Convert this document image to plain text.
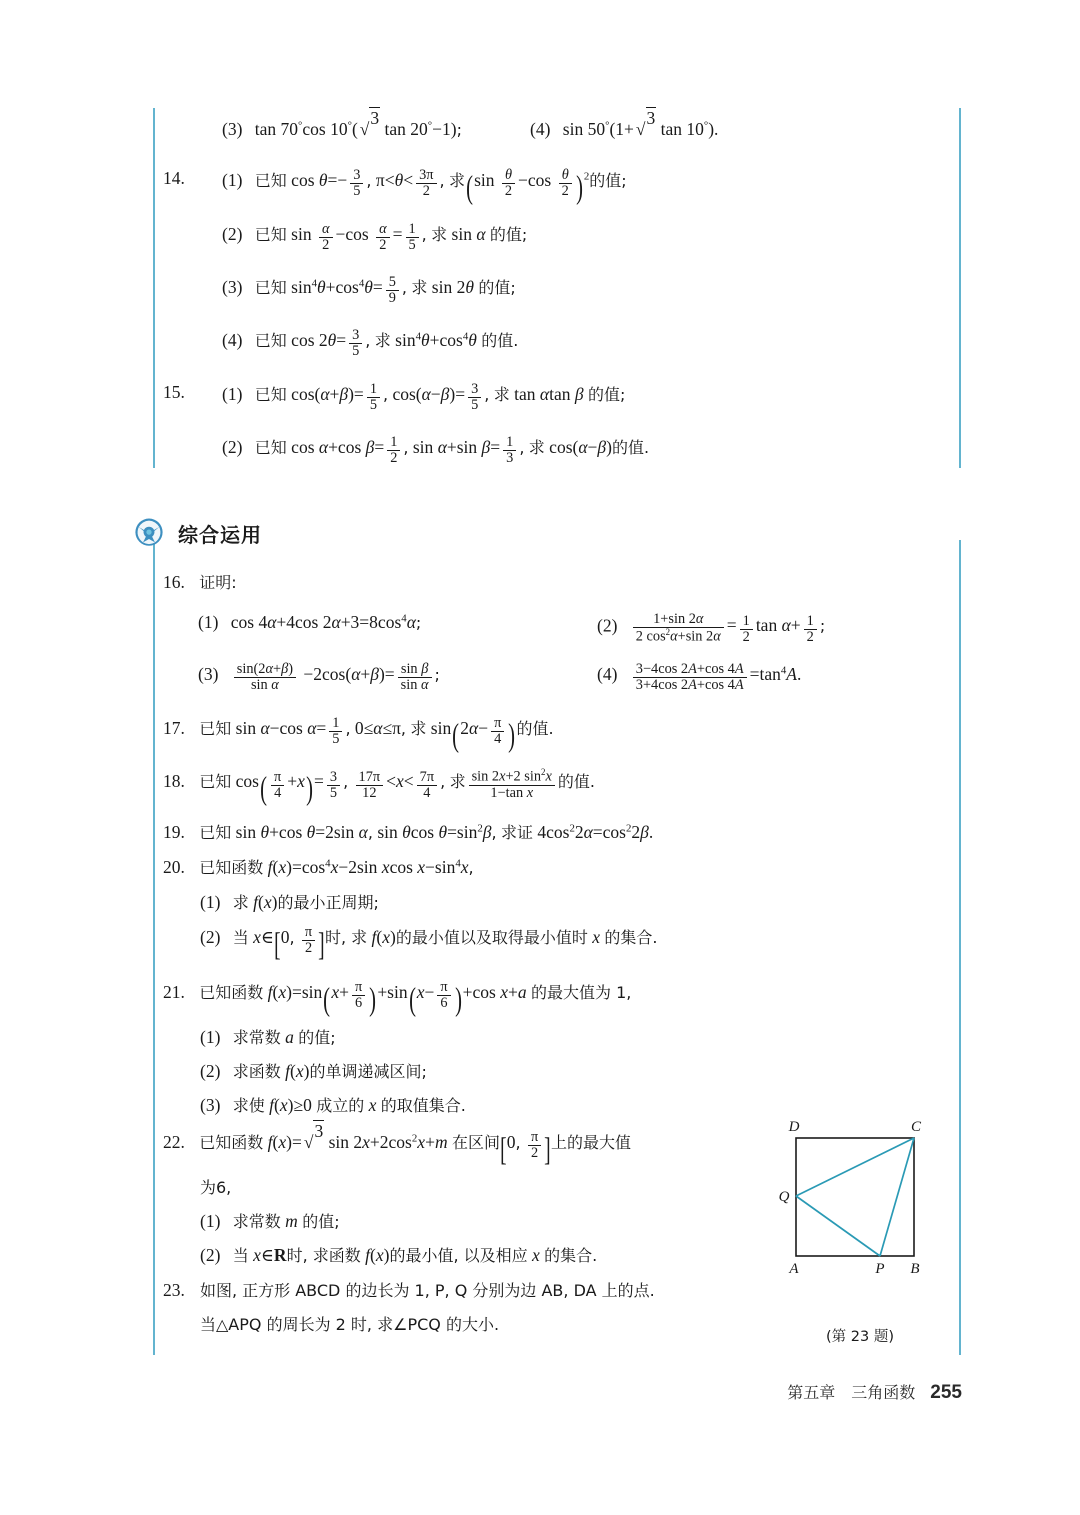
(3) tan 70°cos 10°( √3 tan 20°−1);	(4) sin 50°(1+ √3 tan 10°).
14. (1) 已知 $\cos \theta=- \frac{3}{5}$ , $\pi<\theta< \frac{3\pi}{2}$ , 求$(\sin \frac{\theta}{2} -\cos \frac{\theta}{2} )^2$的值;
(2) 已知 $\sin \frac{\alpha}{2} -\cos \frac{\alpha}{2} = \frac{1}{5}$ , 求 sin α 的值;
(3) 已知 $\sin^4\theta+\cos^4\theta= \frac{5}{9}$ , 求 sin 2θ 的值;
(4) 已知 $\cos 2\theta= \frac{3}{5}$ , 求 $\sin^4\theta+\cos^4\theta$ 的值.
15. (1) 已知 $\cos(\alpha+\beta)= \frac{1}{5}$ , $\cos(\alpha-\beta)= \frac{3}{5}$ , 求 tan αtan β 的值;
(2) 已知 cos α+cos $\beta= \frac{1}{2}$ , sin α+sin $\beta= \frac{1}{3}$ , 求 cos(α−β)的值.
综合运用
16. 证明:
(1) cos 4α+4cos $2\alpha+3=8\cos^4\alpha$;	$(2) \frac{1+\sin 2\alpha}{2 \cos^2\alpha+\sin 2\alpha} = \frac{1}{2}$ $\tan \alpha+ \frac{1}{2}$ ;
$(3) \frac{\sin(2\alpha+\beta)}{\text{sin α}} -2\cos(\alpha+\beta)= \frac{\text{sin β}}{\text{sin α}}$ ;	$(4) \frac{3-4\cos 2A+\cos 4A}{3+4\cos 2A+\cos 4A} =\tan^4A$.
17. 已知 sin α−cos $\alpha= \frac{1}{5}$ , 0≤α≤π, 求 $\sin(2\alpha- \frac{\pi}{4}$ )的值.
18. 已知 $\cos( \frac{\pi}{4} +x)= \frac{3}{5}$ , $\frac{17\pi}{12} <x< \frac{7\pi}{4}$ , 求 $\frac{\sin 2x+2 \sin^2x}{\text{1−tan x}}$ 的值.
19. 已知 sin θ+cos θ=2sin α, sin θcos $\theta=\sin^2\beta$, 求证 $4\cos^22\alpha=\cos^22\beta$.
20. 已知函数 $f(x)=\cos^4x-2\sin$ xcos $x-\sin^4x$,
(1) 求 f(x)的最小正周期;
(2) 当 x∈[0, $\frac{\pi}{2}$ ]时, 求 f(x)的最小值以及取得最小值时 x 的集合.
21. 已知函数 $f(x)=\sin(x+ \frac{\pi}{6} )+\sin(x- \frac{\pi}{6} )+\cos$ x+a 的最大值为 1,
(1) 求常数 a 的值;
(2) 求函数 f(x)的单调递减区间;
(3) 求使 f(x)≥0 成立的 x 的取值集合.
22. 已知函数 f(x)= √3 $\sin 2x+2\cos^2x+m$ 在区间[0, $\frac{\pi}{2}$ ]上的最大值
为6,
(1) 求常数 m 的值;
(2) 当 x∈R时, 求函数 f(x)的最小值, 以及相应 x 的集合.
23. 如图, 正方形 ABCD 的边长为 1, P, Q 分别为边 AB, DA 上的点.
当△APQ 的周长为 2 时, 求∠PCQ 的大小.
D	C
Q
A	P B
(第 23 题)
第五章　三角函数 255
